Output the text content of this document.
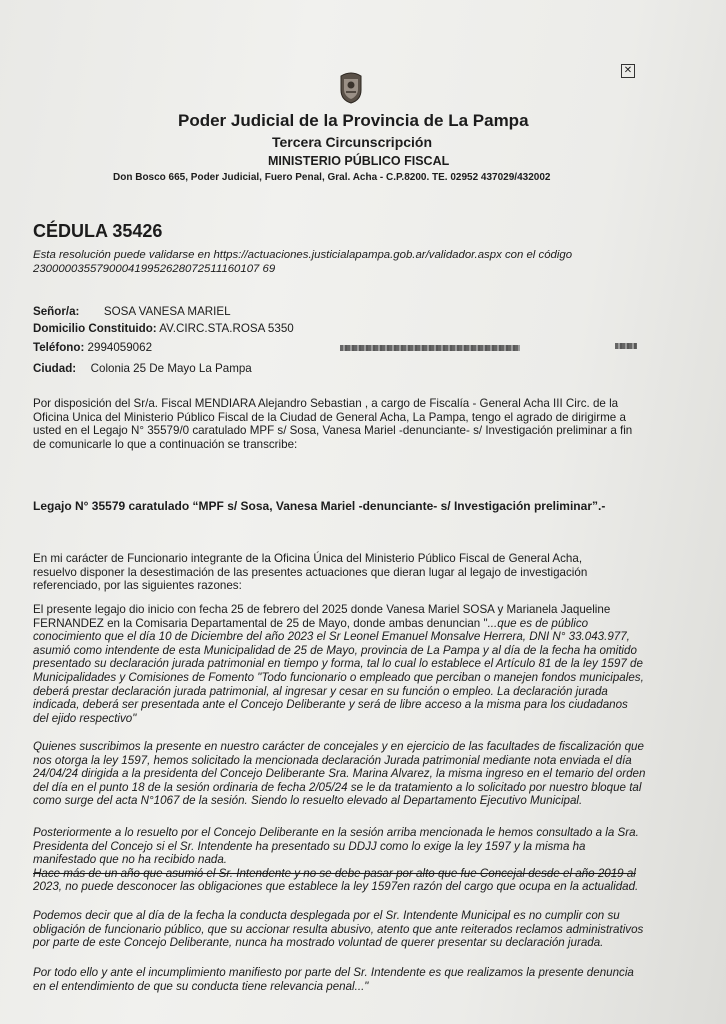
✕
Poder Judicial de la Provincia de La Pampa
Tercera Circunscripción
MINISTERIO PÚBLICO FISCAL
Don Bosco 665, Poder Judicial, Fuero Penal, Gral. Acha - C.P.8200. TE. 02952 437029/432002
CÉDULA 35426
Esta resolución puede validarse en https://actuaciones.justicialapampa.gob.ar/validador.aspx con el código
230000035579000419952628072511160107 69
Señor/a: SOSA VANESA MARIEL
Domicilio Constituido: AV.CIRC.STA.ROSA 5350
Teléfono: 2994059062
Ciudad: Colonia 25 De Mayo La Pampa
Por disposición del Sr/a. Fiscal MENDIARA Alejandro Sebastian , a cargo de Fiscalía - General Acha III Circ. de la
Oficina Unica del Ministerio Público Fiscal de la Ciudad de General Acha, La Pampa, tengo el agrado de dirigirme a
usted en el Legajo N° 35579/0 caratulado MPF s/ Sosa, Vanesa Mariel -denunciante- s/ Investigación preliminar a fin
de comunicarle lo que a continuación se transcribe:
Legajo N° 35579 caratulado “MPF s/ Sosa, Vanesa Mariel -denunciante- s/ Investigación preliminar”.-
En mi carácter de Funcionario integrante de la Oficina Única del Ministerio Público Fiscal de General Acha,
resuelvo disponer la desestimación de las presentes actuaciones que dieran lugar al legajo de investigación
referenciado, por las siguientes razones:
El presente legajo dio inicio con fecha 25 de febrero del 2025 donde Vanesa Mariel SOSA y Marianela Jaqueline
FERNANDEZ en la Comisaria Departamental de 25 de Mayo, donde ambas denuncian "...que es de público
conocimiento que el día 10 de Diciembre del año 2023 el Sr Leonel Emanuel Monsalve Herrera, DNI N° 33.043.977,
asumió como intendente de esta Municipalidad de 25 de Mayo, provincia de La Pampa y al día de la fecha ha omitido
presentado su declaración jurada patrimonial en tiempo y forma, tal lo cual lo establece el Artículo 81 de la ley 1597 de
Municipalidades y Comisiones de Fomento "Todo funcionario o empleado que perciban o manejen fondos municipales,
deberá prestar declaración jurada patrimonial, al ingresar y cesar en su función o empleo. La declaración jurada
indicada, deberá ser presentada ante el Concejo Deliberante y será de libre acceso a la misma para los ciudadanos
del ejido respectivo"
Quienes suscribimos la presente en nuestro carácter de concejales y en ejercicio de las facultades de fiscalización que
nos otorga la ley 1597, hemos solicitado la mencionada declaración Jurada patrimonial mediante nota enviada el día
24/04/24 dirigida a la presidenta del Concejo Deliberante Sra. Marina Alvarez, la misma ingreso en el temario del orden
del día en el punto 18 de la sesión ordinaria de fecha 2/05/24 se le da tratamiento a lo solicitado por nuestro bloque tal
como surge del acta N°1067 de la sesión. Siendo lo resuelto elevado al Departamento Ejecutivo Municipal.
Posteriormente a lo resuelto por el Concejo Deliberante en la sesión arriba mencionada le hemos consultado a la Sra.
Presidenta del Concejo si el Sr. Intendente ha presentado su DDJJ como lo exige la ley 1597 y la misma ha
manifestado que no ha recibido nada.
Hace más de un año que asumió el Sr. Intendente y no se debe pasar por alto que fue Concejal desde el año 2019 al
2023, no puede desconocer las obligaciones que establece la ley 1597en razón del cargo que ocupa en la actualidad.
Podemos decir que al día de la fecha la conducta desplegada por el Sr. Intendente Municipal es no cumplir con su
obligación de funcionario público, que su accionar resulta abusivo, atento que ante reiterados reclamos administrativos
por parte de este Concejo Deliberante, nunca ha mostrado voluntad de querer presentar su declaración jurada.
Por todo ello y ante el incumplimiento manifiesto por parte del Sr. Intendente es que realizamos la presente denuncia
en el entendimiento de que su conducta tiene relevancia penal..."
